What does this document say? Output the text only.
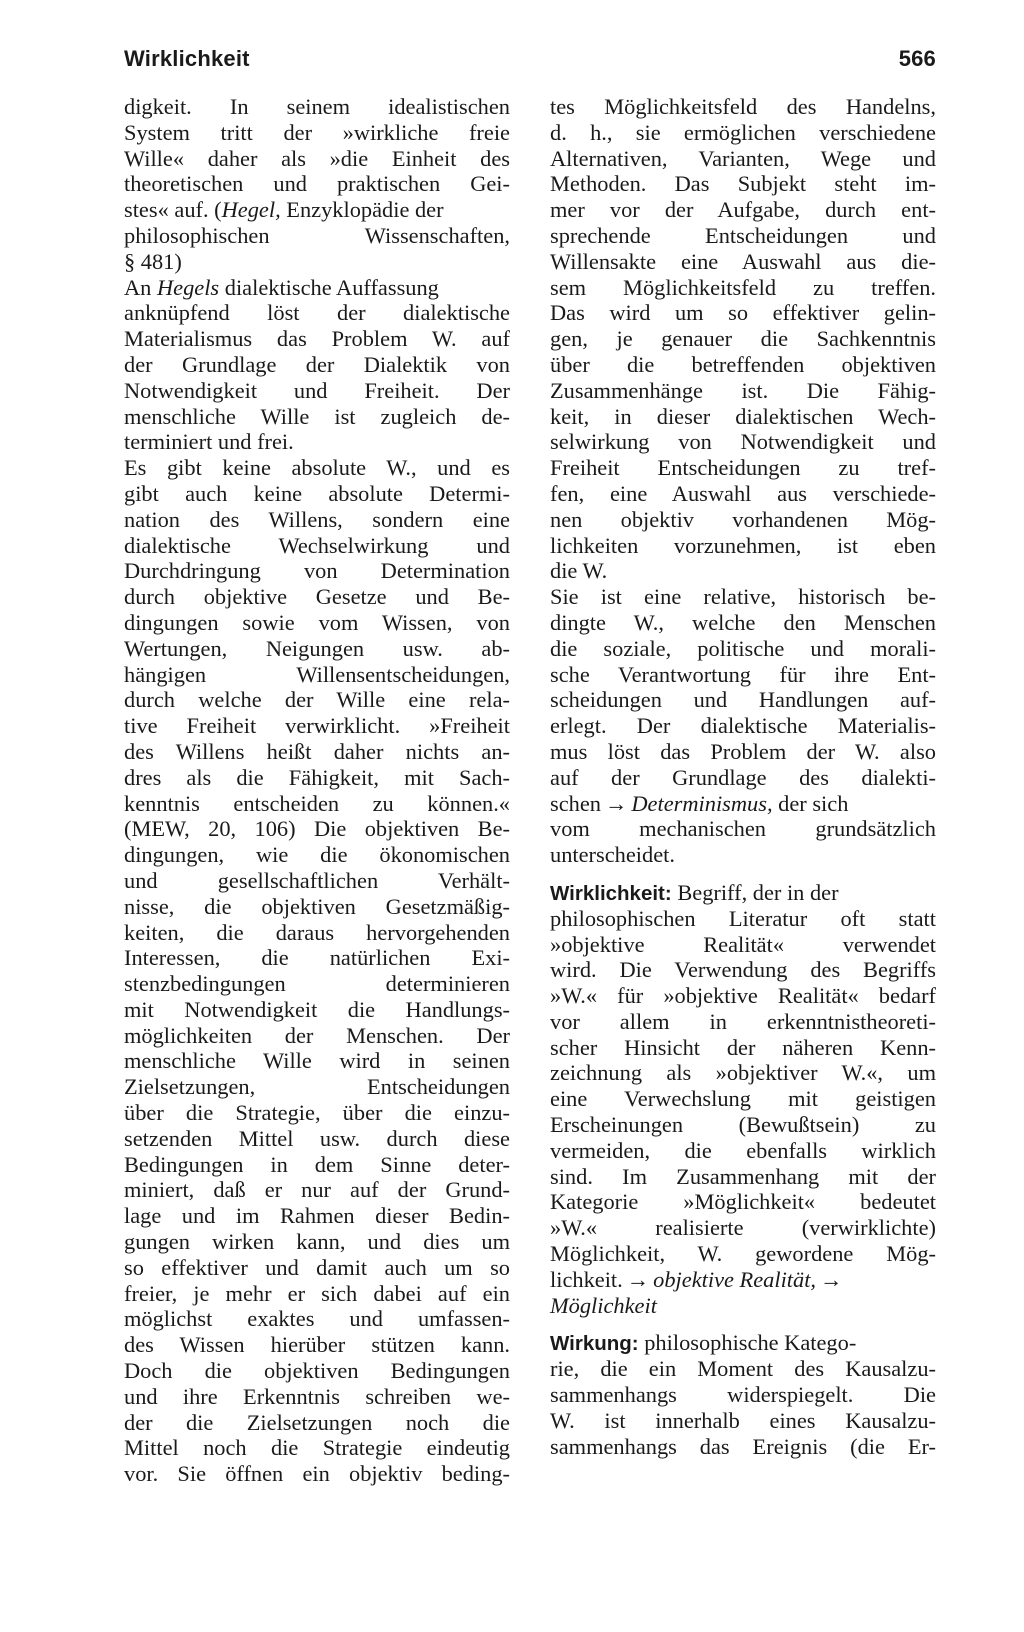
Wirklichkeit	566
digkeit. In seinem idealistischen
System tritt der »wirkliche freie
Wille« daher als »die Einheit des
theoretischen und praktischen Gei-
stes« auf. (Hegel, Enzyklopädie der
philosophischen Wissenschaften,
§ 481)
An Hegels dialektische Auffassung
anknüpfend löst der dialektische
Materialismus das Problem W. auf
der Grundlage der Dialektik von
Notwendigkeit und Freiheit. Der
menschliche Wille ist zugleich de-
terminiert und frei.
Es gibt keine absolute W., und es
gibt auch keine absolute Determi-
nation des Willens, sondern eine
dialektische Wechselwirkung und
Durchdringung von Determination
durch objektive Gesetze und Be-
dingungen sowie vom Wissen, von
Wertungen, Neigungen usw. ab-
hängigen Willensentscheidungen,
durch welche der Wille eine rela-
tive Freiheit verwirklicht. »Freiheit
des Willens heißt daher nichts an-
dres als die Fähigkeit, mit Sach-
kenntnis entscheiden zu können.«
(MEW, 20, 106) Die objektiven Be-
dingungen, wie die ökonomischen
und gesellschaftlichen Verhält-
nisse, die objektiven Gesetzmäßig-
keiten, die daraus hervorgehenden
Interessen, die natürlichen Exi-
stenzbedingungen determinieren
mit Notwendigkeit die Handlungs-
möglichkeiten der Menschen. Der
menschliche Wille wird in seinen
Zielsetzungen, Entscheidungen
über die Strategie, über die einzu-
setzenden Mittel usw. durch diese
Bedingungen in dem Sinne deter-
miniert, daß er nur auf der Grund-
lage und im Rahmen dieser Bedin-
gungen wirken kann, und dies um
so effektiver und damit auch um so
freier, je mehr er sich dabei auf ein
möglichst exaktes und umfassen-
des Wissen hierüber stützen kann.
Doch die objektiven Bedingungen
und ihre Erkenntnis schreiben we-
der die Zielsetzungen noch die
Mittel noch die Strategie eindeutig
vor. Sie öffnen ein objektiv beding-
tes Möglichkeitsfeld des Handelns,
d. h., sie ermöglichen verschiedene
Alternativen, Varianten, Wege und
Methoden. Das Subjekt steht im-
mer vor der Aufgabe, durch ent-
sprechende Entscheidungen und
Willensakte eine Auswahl aus die-
sem Möglichkeitsfeld zu treffen.
Das wird um so effektiver gelin-
gen, je genauer die Sachkenntnis
über die betreffenden objektiven
Zusammenhänge ist. Die Fähig-
keit, in dieser dialektischen Wech-
selwirkung von Notwendigkeit und
Freiheit Entscheidungen zu tref-
fen, eine Auswahl aus verschiede-
nen objektiv vorhandenen Mög-
lichkeiten vorzunehmen, ist eben
die W.
Sie ist eine relative, historisch be-
dingte W., welche den Menschen
die soziale, politische und morali-
sche Verantwortung für ihre Ent-
scheidungen und Handlungen auf-
erlegt. Der dialektische Materialis-
mus löst das Problem der W. also
auf der Grundlage des dialekti-
schen → Determinismus, der sich
vom mechanischen grundsätzlich
unterscheidet.
Wirklichkeit: Begriff, der in der
philosophischen Literatur oft statt
»objektive Realität« verwendet
wird. Die Verwendung des Begriffs
»W.« für »objektive Realität« bedarf
vor allem in erkenntnistheoreti-
scher Hinsicht der näheren Kenn-
zeichnung als »objektiver W.«, um
eine Verwechslung mit geistigen
Erscheinungen (Bewußtsein) zu
vermeiden, die ebenfalls wirklich
sind. Im Zusammenhang mit der
Kategorie »Möglichkeit« bedeutet
»W.« realisierte (verwirklichte)
Möglichkeit, W. gewordene Mög-
lichkeit. → objektive Realität, →
Möglichkeit
Wirkung: philosophische Katego-
rie, die ein Moment des Kausalzu-
sammenhangs widerspiegelt. Die
W. ist innerhalb eines Kausalzu-
sammenhangs das Ereignis (die Er-
